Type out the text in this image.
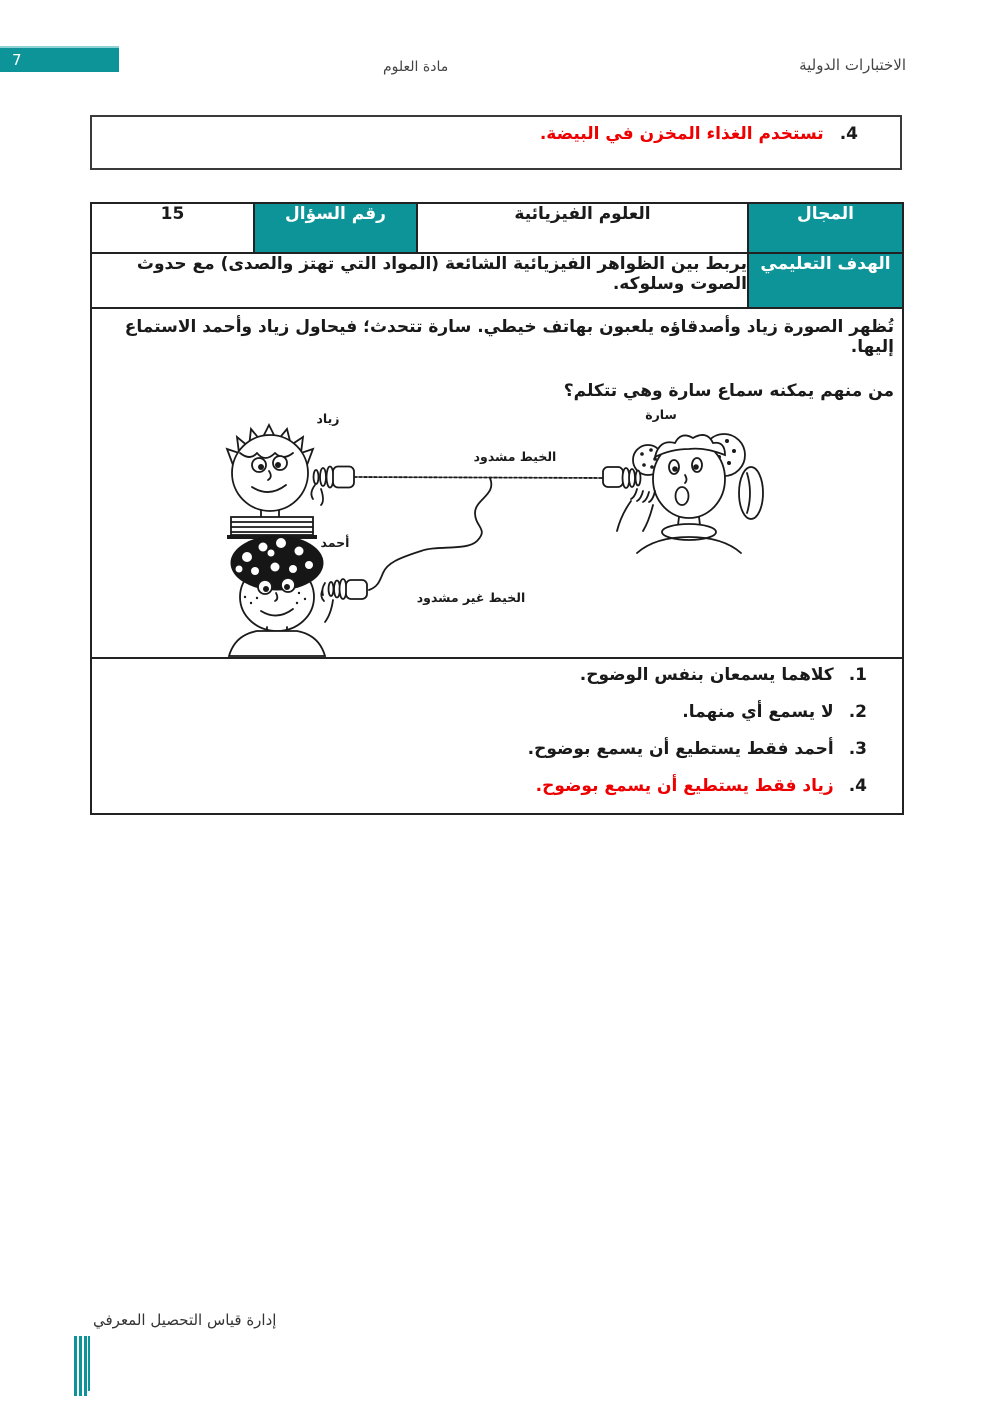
7	الاختبارات الدولية
مادة العلوم
4.
تستخدم الغذاء المخزن في البيضة.
المجال	العلوم الفيزيائية	رقم السؤال	15
الهدف التعليمي	يربط بين الظواهر الفيزيائية الشائعة (المواد التي تهتز والصدى) مع حدوث الصوت وسلوكه.		

تُظهر الصورة زياد وأصدقاؤه يلعبون بهاتف خيطي. سارة تتحدث؛ فيحاول زياد وأحمد الاستماع إليها.

من منهم يمكنه سماع سارة وهي تتكلم؟

زياد	سارة
أحمد
الخيط مشدود
الخيط غير مشدود

1.
كلاهما يسمعان بنفس الوضوح.
2.
لا يسمع أي منهما.
3.
أحمد فقط يستطيع أن يسمع بوضوح.
4.
زياد فقط يستطيع أن يسمع بوضوح.
إدارة قياس التحصيل المعرفي
